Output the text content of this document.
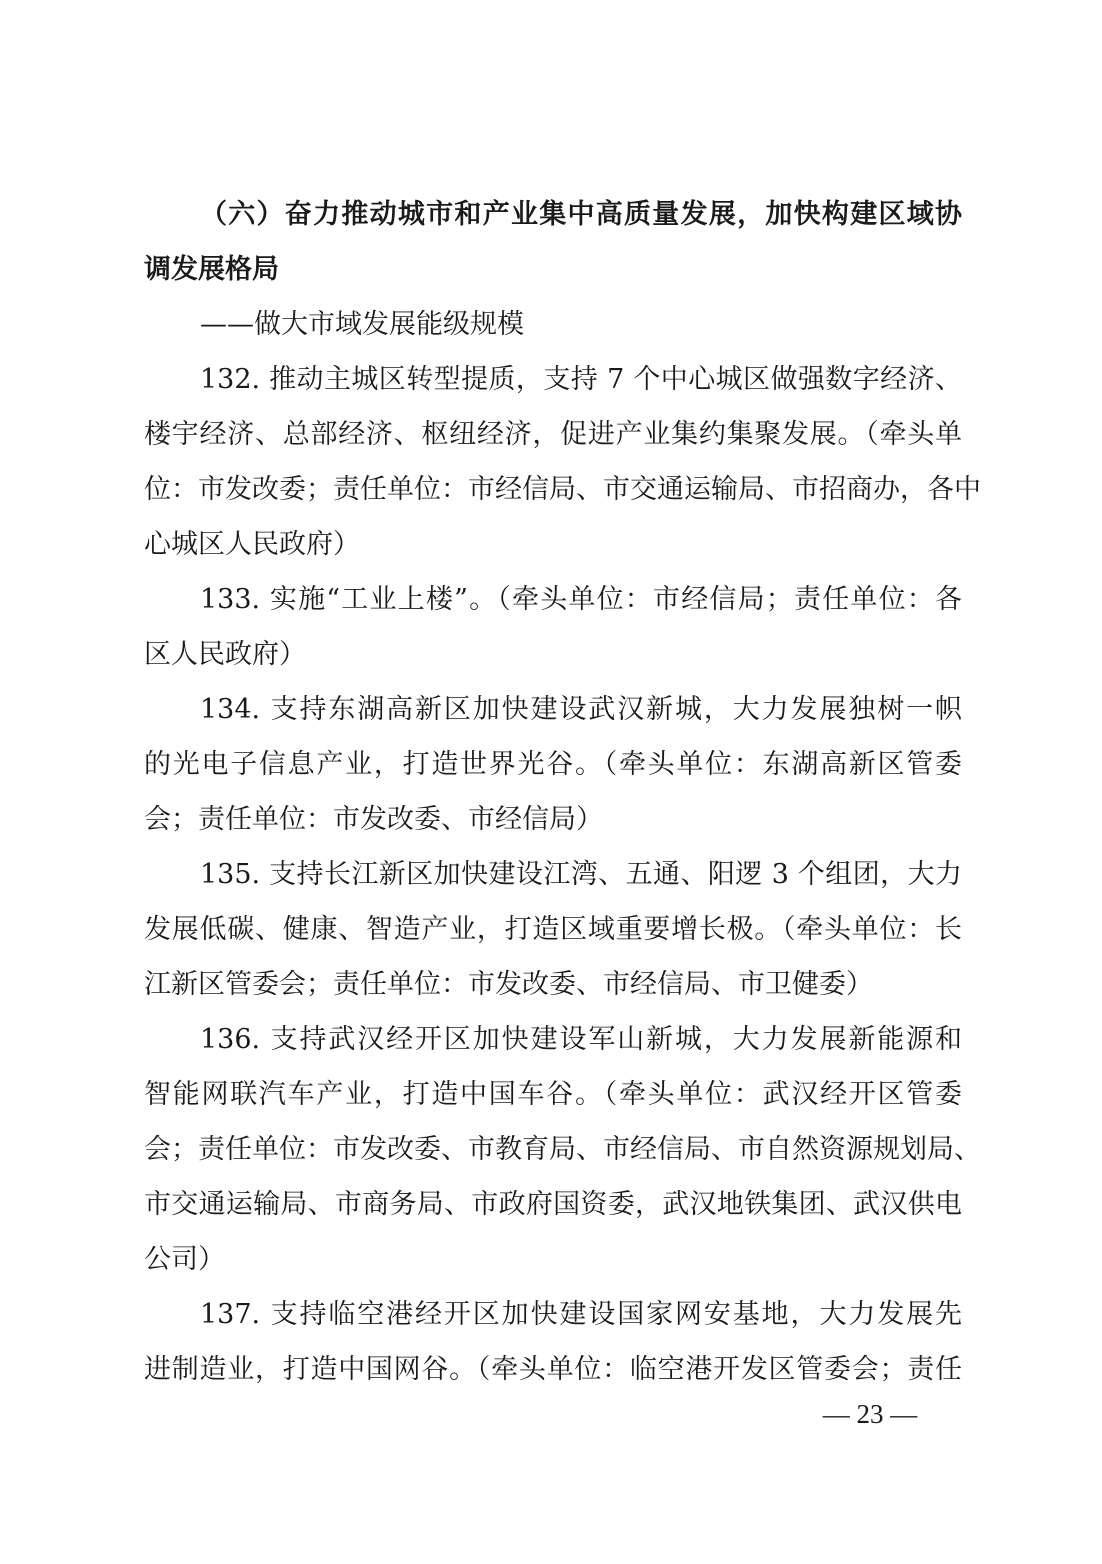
（六）奋力推动城市和产业集中高质量发展，加快构建区域协
调发展格局
——做大市域发展能级规模
132. 推动主城区转型提质，支持 7 个中心城区做强数字经济、
楼宇经济、总部经济、枢纽经济，促进产业集约集聚发展。（牵头单
位：市发改委；责任单位：市经信局、市交通运输局、市招商办，各中
心城区人民政府）
133. 实施“工业上楼”。（牵头单位：市经信局；责任单位：各
区人民政府）
134. 支持东湖高新区加快建设武汉新城，大力发展独树一帜
的光电子信息产业，打造世界光谷。（牵头单位：东湖高新区管委
会；责任单位：市发改委、市经信局）
135. 支持长江新区加快建设江湾、五通、阳逻 3 个组团，大力
发展低碳、健康、智造产业，打造区域重要增长极。（牵头单位：长
江新区管委会；责任单位：市发改委、市经信局、市卫健委）
136. 支持武汉经开区加快建设军山新城，大力发展新能源和
智能网联汽车产业，打造中国车谷。（牵头单位：武汉经开区管委
会；责任单位：市发改委、市教育局、市经信局、市自然资源规划局、
市交通运输局、市商务局、市政府国资委，武汉地铁集团、武汉供电
公司）
137. 支持临空港经开区加快建设国家网安基地，大力发展先
进制造业，打造中国网谷。（牵头单位：临空港开发区管委会；责任
— 23 —
